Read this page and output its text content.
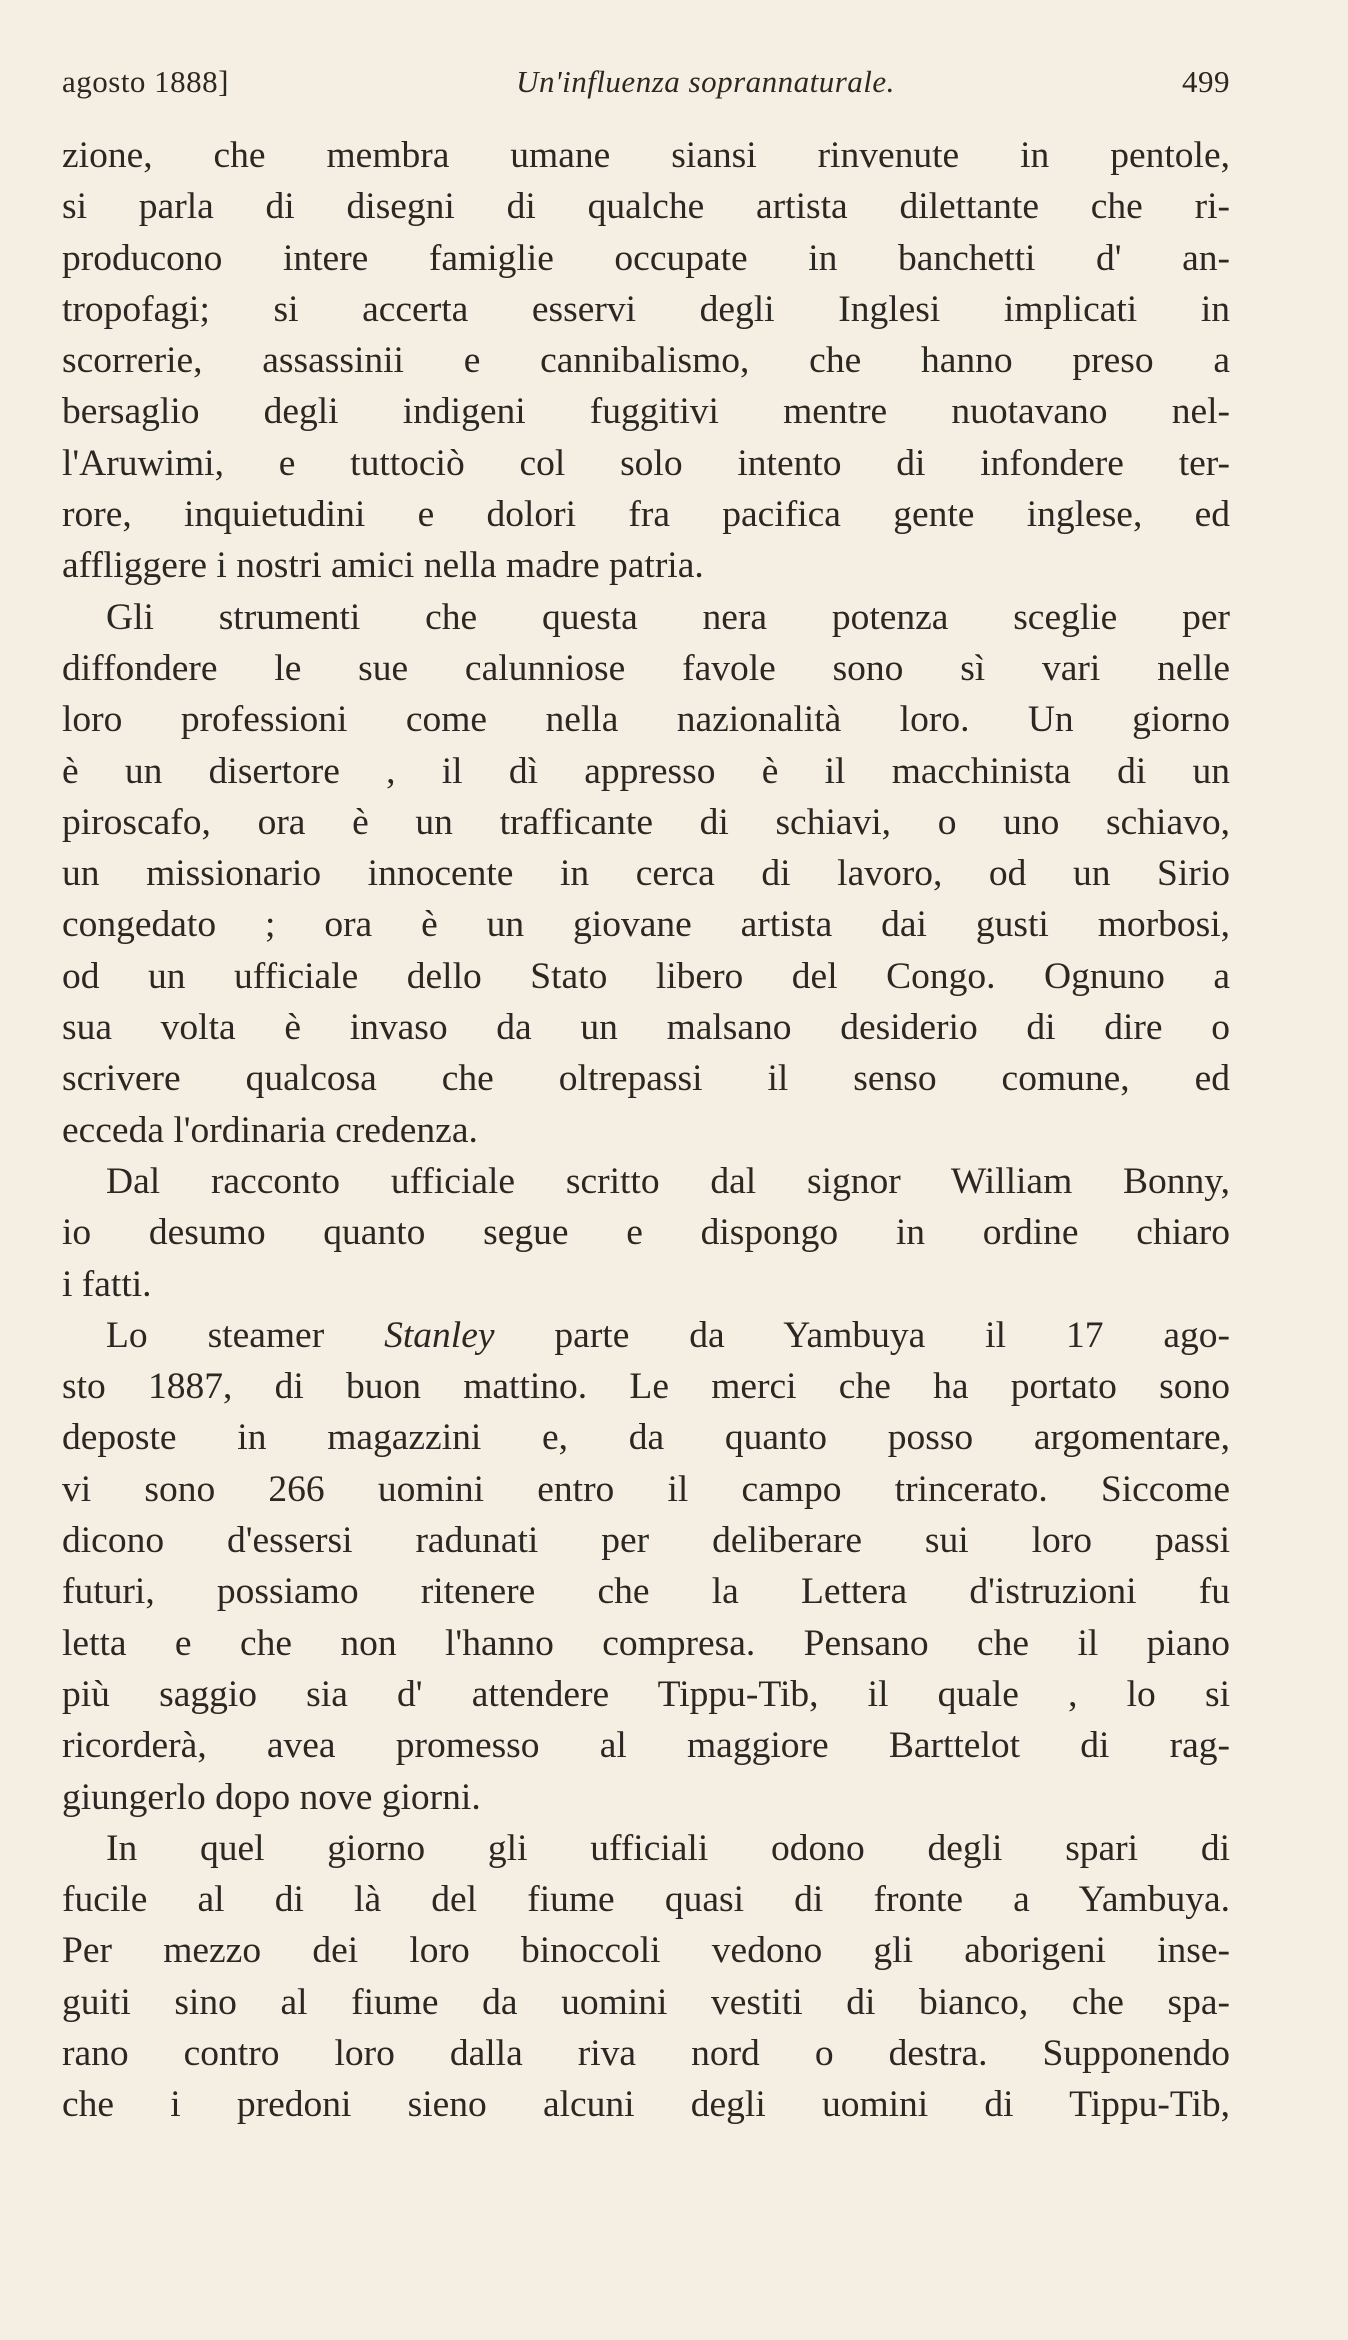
agosto 1888]	Un'influenza soprannaturale.	499
zione, che membra umane siansi rinvenute in pentole,
si parla di disegni di qualche artista dilettante che ri-
producono intere famiglie occupate in banchetti d' an-
tropofagi; si accerta esservi degli Inglesi implicati in
scorrerie, assassinii e cannibalismo, che hanno preso a
bersaglio degli indigeni fuggitivi mentre nuotavano nel-
l'Aruwimi, e tuttociò col solo intento di infondere ter-
rore, inquietudini e dolori fra pacifica gente inglese, ed
affliggere i nostri amici nella madre patria.
Gli strumenti che questa nera potenza sceglie per
diffondere le sue calunniose favole sono sì vari nelle
loro professioni come nella nazionalità loro. Un giorno
è un disertore , il dì appresso è il macchinista di un
piroscafo, ora è un trafficante di schiavi, o uno schiavo,
un missionario innocente in cerca di lavoro, od un Sirio
congedato ; ora è un giovane artista dai gusti morbosi,
od un ufficiale dello Stato libero del Congo. Ognuno a
sua volta è invaso da un malsano desiderio di dire o
scrivere qualcosa che oltrepassi il senso comune, ed
ecceda l'ordinaria credenza.
Dal racconto ufficiale scritto dal signor William Bonny,
io desumo quanto segue e dispongo in ordine chiaro
i fatti.
Lo steamer Stanley parte da Yambuya il 17 ago-
sto 1887, di buon mattino. Le merci che ha portato sono
deposte in magazzini e, da quanto posso argomentare,
vi sono 266 uomini entro il campo trincerato. Siccome
dicono d'essersi radunati per deliberare sui loro passi
futuri, possiamo ritenere che la Lettera d'istruzioni fu
letta e che non l'hanno compresa. Pensano che il piano
più saggio sia d' attendere Tippu-Tib, il quale , lo si
ricorderà, avea promesso al maggiore Barttelot di rag-
giungerlo dopo nove giorni.
In quel giorno gli ufficiali odono degli spari di
fucile al di là del fiume quasi di fronte a Yambuya.
Per mezzo dei loro binoccoli vedono gli aborigeni inse-
guiti sino al fiume da uomini vestiti di bianco, che spa-
rano contro loro dalla riva nord o destra. Supponendo
che i predoni sieno alcuni degli uomini di Tippu-Tib,
